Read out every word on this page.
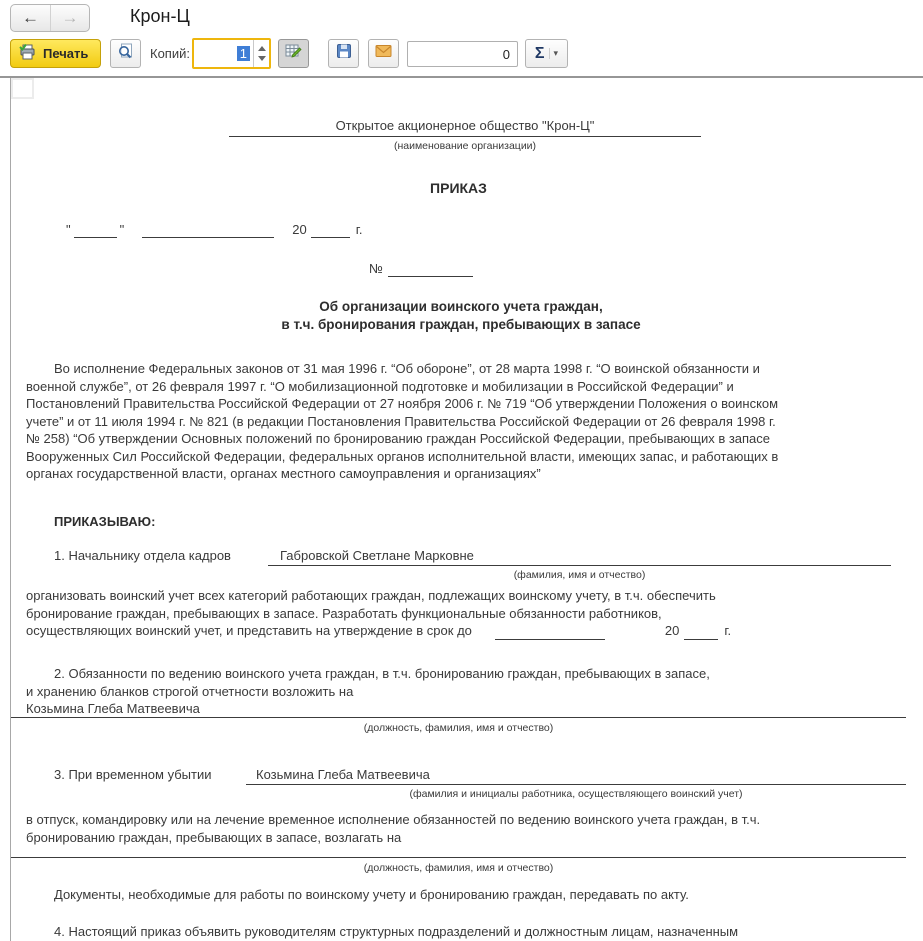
← →	Крон-Ц
Печать	Копий:	1	0 Σ	▾
Открытое акционерное общество "Крон-Ц"
(наименование организации)
ПРИКАЗ
"	"	20	г.
№
Об организации воинского учета граждан,
в т.ч. бронирования граждан, пребывающих в запасе
Во исполнение Федеральных законов от 31 мая 1996 г. “Об обороне”, от 28 марта 1998 г. “О воинской обязанности и
военной службе”, от 26 февраля 1997 г. “О мобилизационной подготовке и мобилизации в Российской Федерации” и
Постановлений Правительства Российской Федерации от 27 ноября 2006 г. № 719 “Об утверждении Положения о воинском
учете” и от 11 июля 1994 г. № 821 (в редакции Постановления Правительства Российской Федерации от 26 февраля 1998 г.
№ 258) “Об утверждении Основных положений по бронированию граждан Российской Федерации, пребывающих в запасе
Вооруженных Сил Российской Федерации, федеральных органов исполнительной власти, имеющих запас, и работающих в
органах государственной власти, органах местного самоуправления и организациях”
ПРИКАЗЫВАЮ:
1. Начальнику отдела кадров	Габровской Светлане Марковне
(фамилия, имя и отчество)
организовать воинский учет всех категорий работающих граждан, подлежащих воинскому учету, в т.ч. обеспечить
бронирование граждан, пребывающих в запасе. Разработать функциональные обязанности работников,
осуществляющих воинский учет, и представить на утверждение в срок до	20	г.
2. Обязанности по ведению воинского учета граждан, в т.ч. бронированию граждан, пребывающих в запасе,
и хранению бланков строгой отчетности возложить на
Козьмина Глеба Матвеевича
(должность, фамилия, имя и отчество)
3. При временном убытии	Козьмина Глеба Матвеевича
(фамилия и инициалы работника, осуществляющего воинский учет)
в отпуск, командировку или на лечение временное исполнение обязанностей по ведению воинского учета граждан, в т.ч.
бронированию граждан, пребывающих в запасе, возлагать на
(должность, фамилия, имя и отчество)
Документы, необходимые для работы по воинскому учету и бронированию граждан, передавать по акту.
4. Настоящий приказ объявить руководителям структурных подразделений и должностным лицам, назначенным
